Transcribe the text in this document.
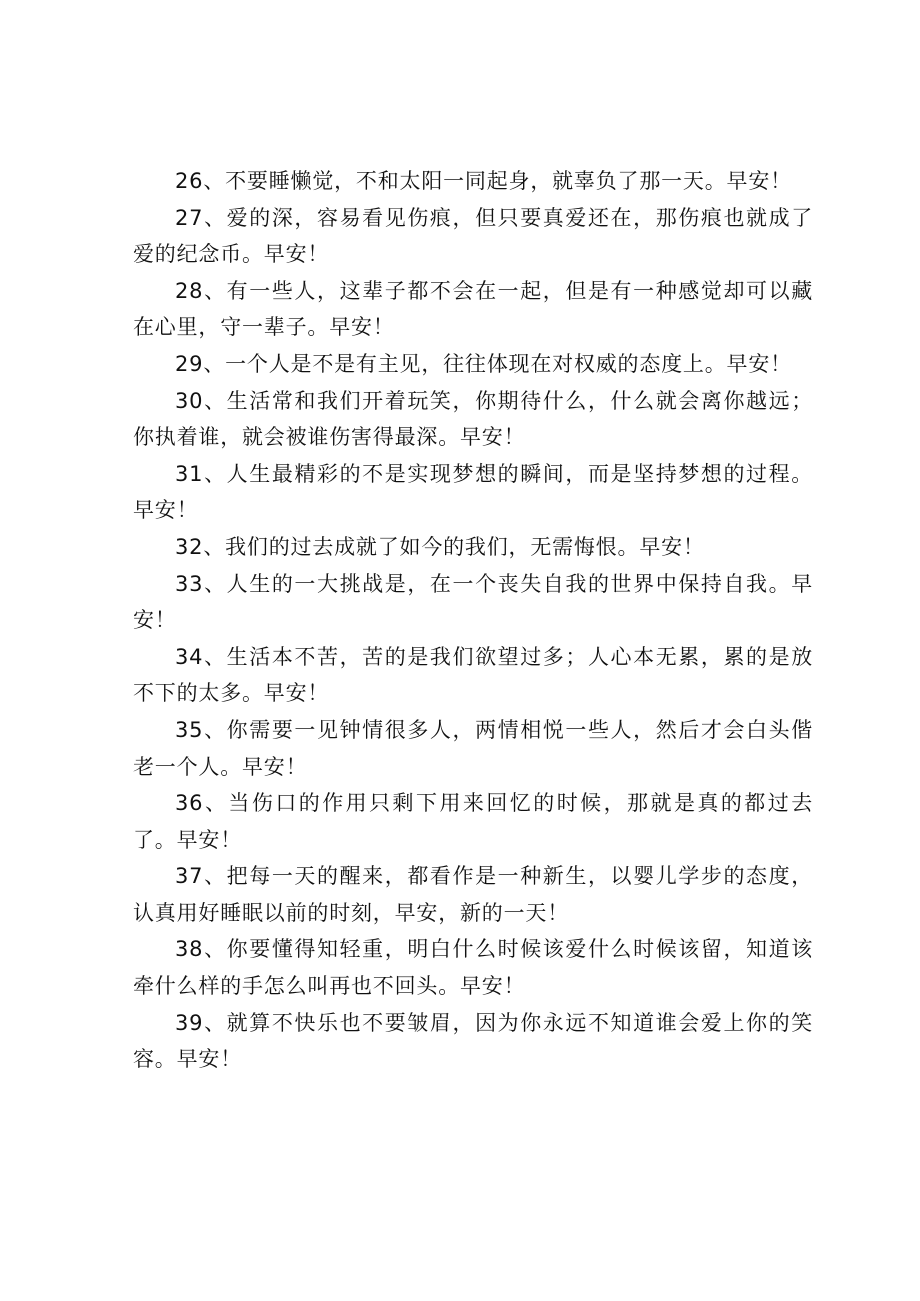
26、不要睡懒觉，不和太阳一同起身，就辜负了那一天。早安！

27、爱的深，容易看见伤痕，但只要真爱还在，那伤痕也就成了爱的纪念币。早安！

28、有一些人，这辈子都不会在一起，但是有一种感觉却可以藏在心里，守一辈子。早安！

29、一个人是不是有主见，往往体现在对权威的态度上。早安！

30、生活常和我们开着玩笑，你期待什么，什么就会离你越远；你执着谁，就会被谁伤害得最深。早安！

31、人生最精彩的不是实现梦想的瞬间，而是坚持梦想的过程。早安！

32、我们的过去成就了如今的我们，无需悔恨。早安！

33、人生的一大挑战是，在一个丧失自我的世界中保持自我。早安！

34、生活本不苦，苦的是我们欲望过多；人心本无累，累的是放不下的太多。早安！

35、你需要一见钟情很多人，两情相悦一些人，然后才会白头偕老一个人。早安！

36、当伤口的作用只剩下用来回忆的时候，那就是真的都过去了。早安！

37、把每一天的醒来，都看作是一种新生，以婴儿学步的态度，认真用好睡眠以前的时刻，早安，新的一天！

38、你要懂得知轻重，明白什么时候该爱什么时候该留，知道该牵什么样的手怎么叫再也不回头。早安！

39、就算不快乐也不要皱眉，因为你永远不知道谁会爱上你的笑容。早安！
